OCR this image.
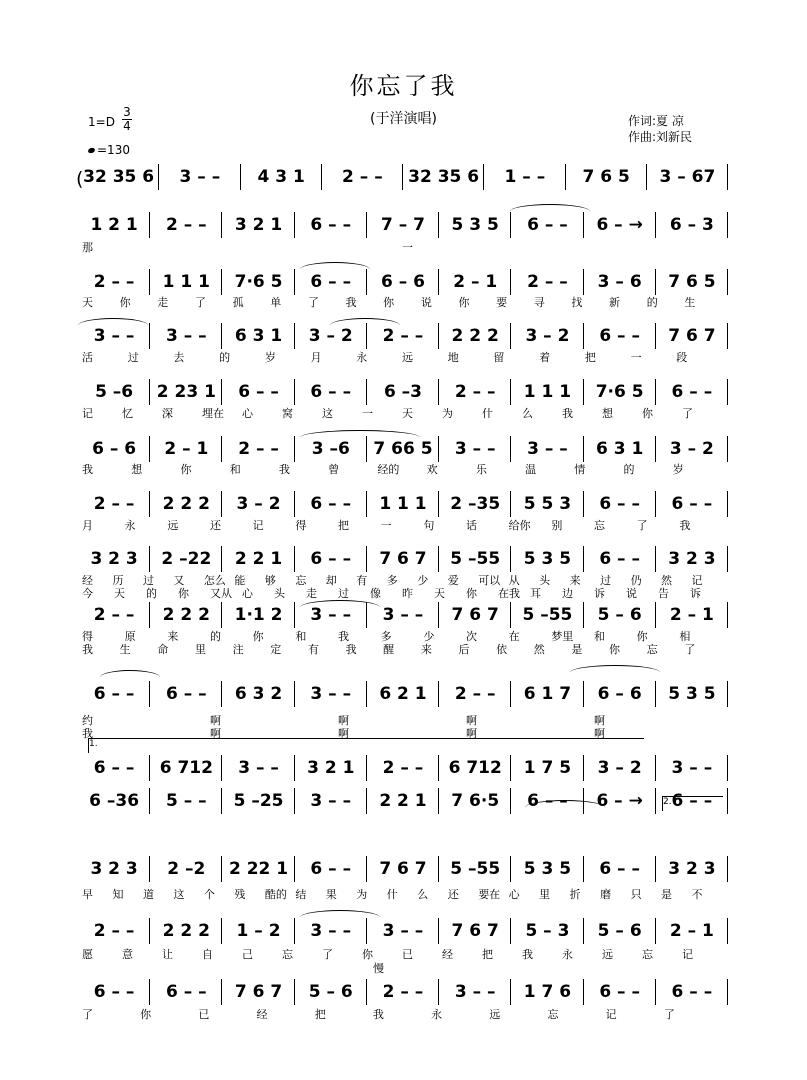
你忘了我
(于洋演唱)
1=D
3
4
=130
作词:夏 凉
作曲:刘新民
( 32 35 6	3 – –	4 3 1	2 – –	32 35 6	1 – –	7 6 5	3 – 67
1 2 1	2 – –	3 2 1	6 – –	7 – 7	5 3 5	6 – –	6 – →	6 – 3
那	一
2 – –	1 1 1	7·6 5	6 – –	6 – 6	2 – 1	2 – –	3 – 6	7 6 5
天 你 走 了 孤 单 了 我 你 说 你 要 寻 找 新 的 生
3 – –	3 – –	6 3 1	3 – 2	2 – –	2 2 2	3 – 2	6 – –	7 6 7
活	过	去	的	岁	月	永	远	地	留	着	把	一	段
5 –6	2 23 1	6 – –	6 – –	6 –3	2 – –	1 1 1	7·6 5	6 – –
记	忆	深	埋在 心	窝	这	一	天	为	什	么	我	想	你	了
6 – 6	2 – 1	2 – –	3 –6	7 66 5	3 – –	3 – –	6 3 1	3 – 2
我	想	你	和	我	曾	经的 欢	乐	温	情	的	岁
2 – –	2 2 2	3 – 2	6 – –	1 1 1	2 –35	5 5 3	6 – –	6 – –
月	永	远	还	记	得	把	一	句	话	给你 别	忘	了	我
3 2 3	2 –22	2 2 1	6 – –	7 6 7	5 –55	5 3 5	6 – –	3 2 3
经 历 过 又 怎么 能 够 忘 却 有 多 少 爱 可以 从 头 来 过 仍 然 记
今 天 的 你 又从 心 头 走 过 像 昨 天 你 在我 耳 边 诉 说 告 诉
2 – –	2 2 2	1·1 2	3 – –	3 – –	7 6 7	5 –55	5 – 6	2 – 1
得	原	来	的	你	和	我	多	少	次	在	梦里 和	你	相
我 生 命 里 注 定 有 我 醒 来 后 依 然 是 你 忘 了
6 – –	6 – –	6 3 2	3 – –	6 2 1	2 – –	6 1 7	6 – 6	5 3 5
约	啊	啊	啊	啊
我	啊	啊	啊	啊
6 – –	6 712	3 – –	3 2 1	2 – –	6 712	1 7 5	3 – 2	3 – –
1.
6 –36	5 – –	5 –25	3 – –	2 2 1	7 6·5	6 – –	6 – →	6 – –
2.
3 2 3	2 –2	2 22 1	6 – –	7 6 7	5 –55	5 3 5	6 – –	3 2 3
早 知 道 这 个 残 酷的 结 果 为 什 么 还 要在 心 里 折 磨 只 是 不
2 – –	2 2 2	1 – 2	3 – –	3 – –	7 6 7	5 – 3	5 – 6	2 – 1
愿	意	让	自	己	忘	了	你	已	经	把	我	永	远	忘	记
慢
6 – –	6 – –	7 6 7	5 – 6	2 – –	3 – –	1 7 6	6 – –	6 – –
了	你	已	经	把	我	永	远	忘	记	了
